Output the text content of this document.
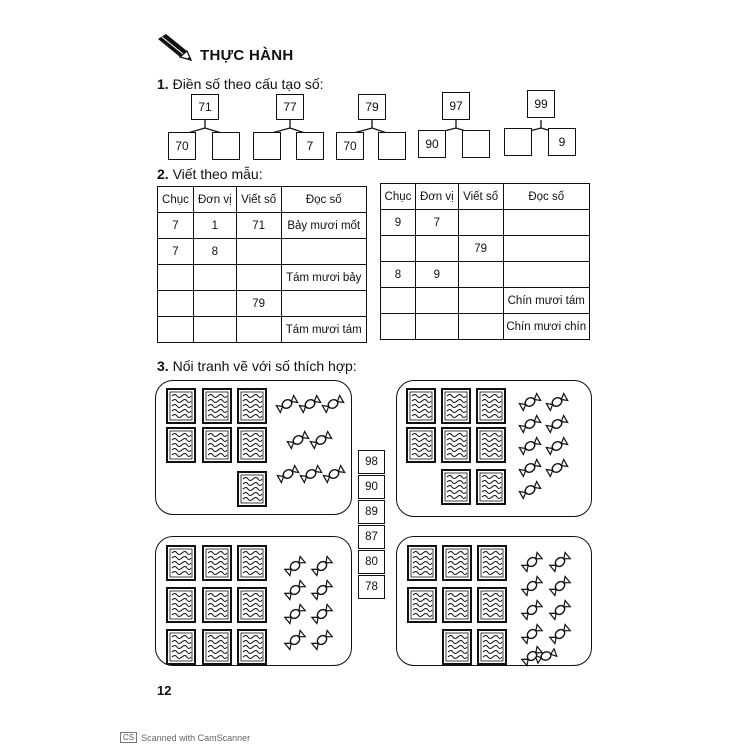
THỰC HÀNH
1. Điền số theo cấu tạo số:
71
70
77
7
79
70
97
90
99
9
2. Viết theo mẫu:
Chục	Đơn vị	Viết số	Đọc số
7	1	71	Bảy mươi mốt
7	8		
			Tám mươi bảy
		79	
			Tám mươi tám
Chục	Đơn vị	Viết số	Đọc số
9	7		
		79	
8	9		
			Chín mươi tám
			Chín mươi chín
3. Nối tranh vẽ với số thích hợp:
98
90
89
87
80
78
12
CS Scanned with CamScanner
